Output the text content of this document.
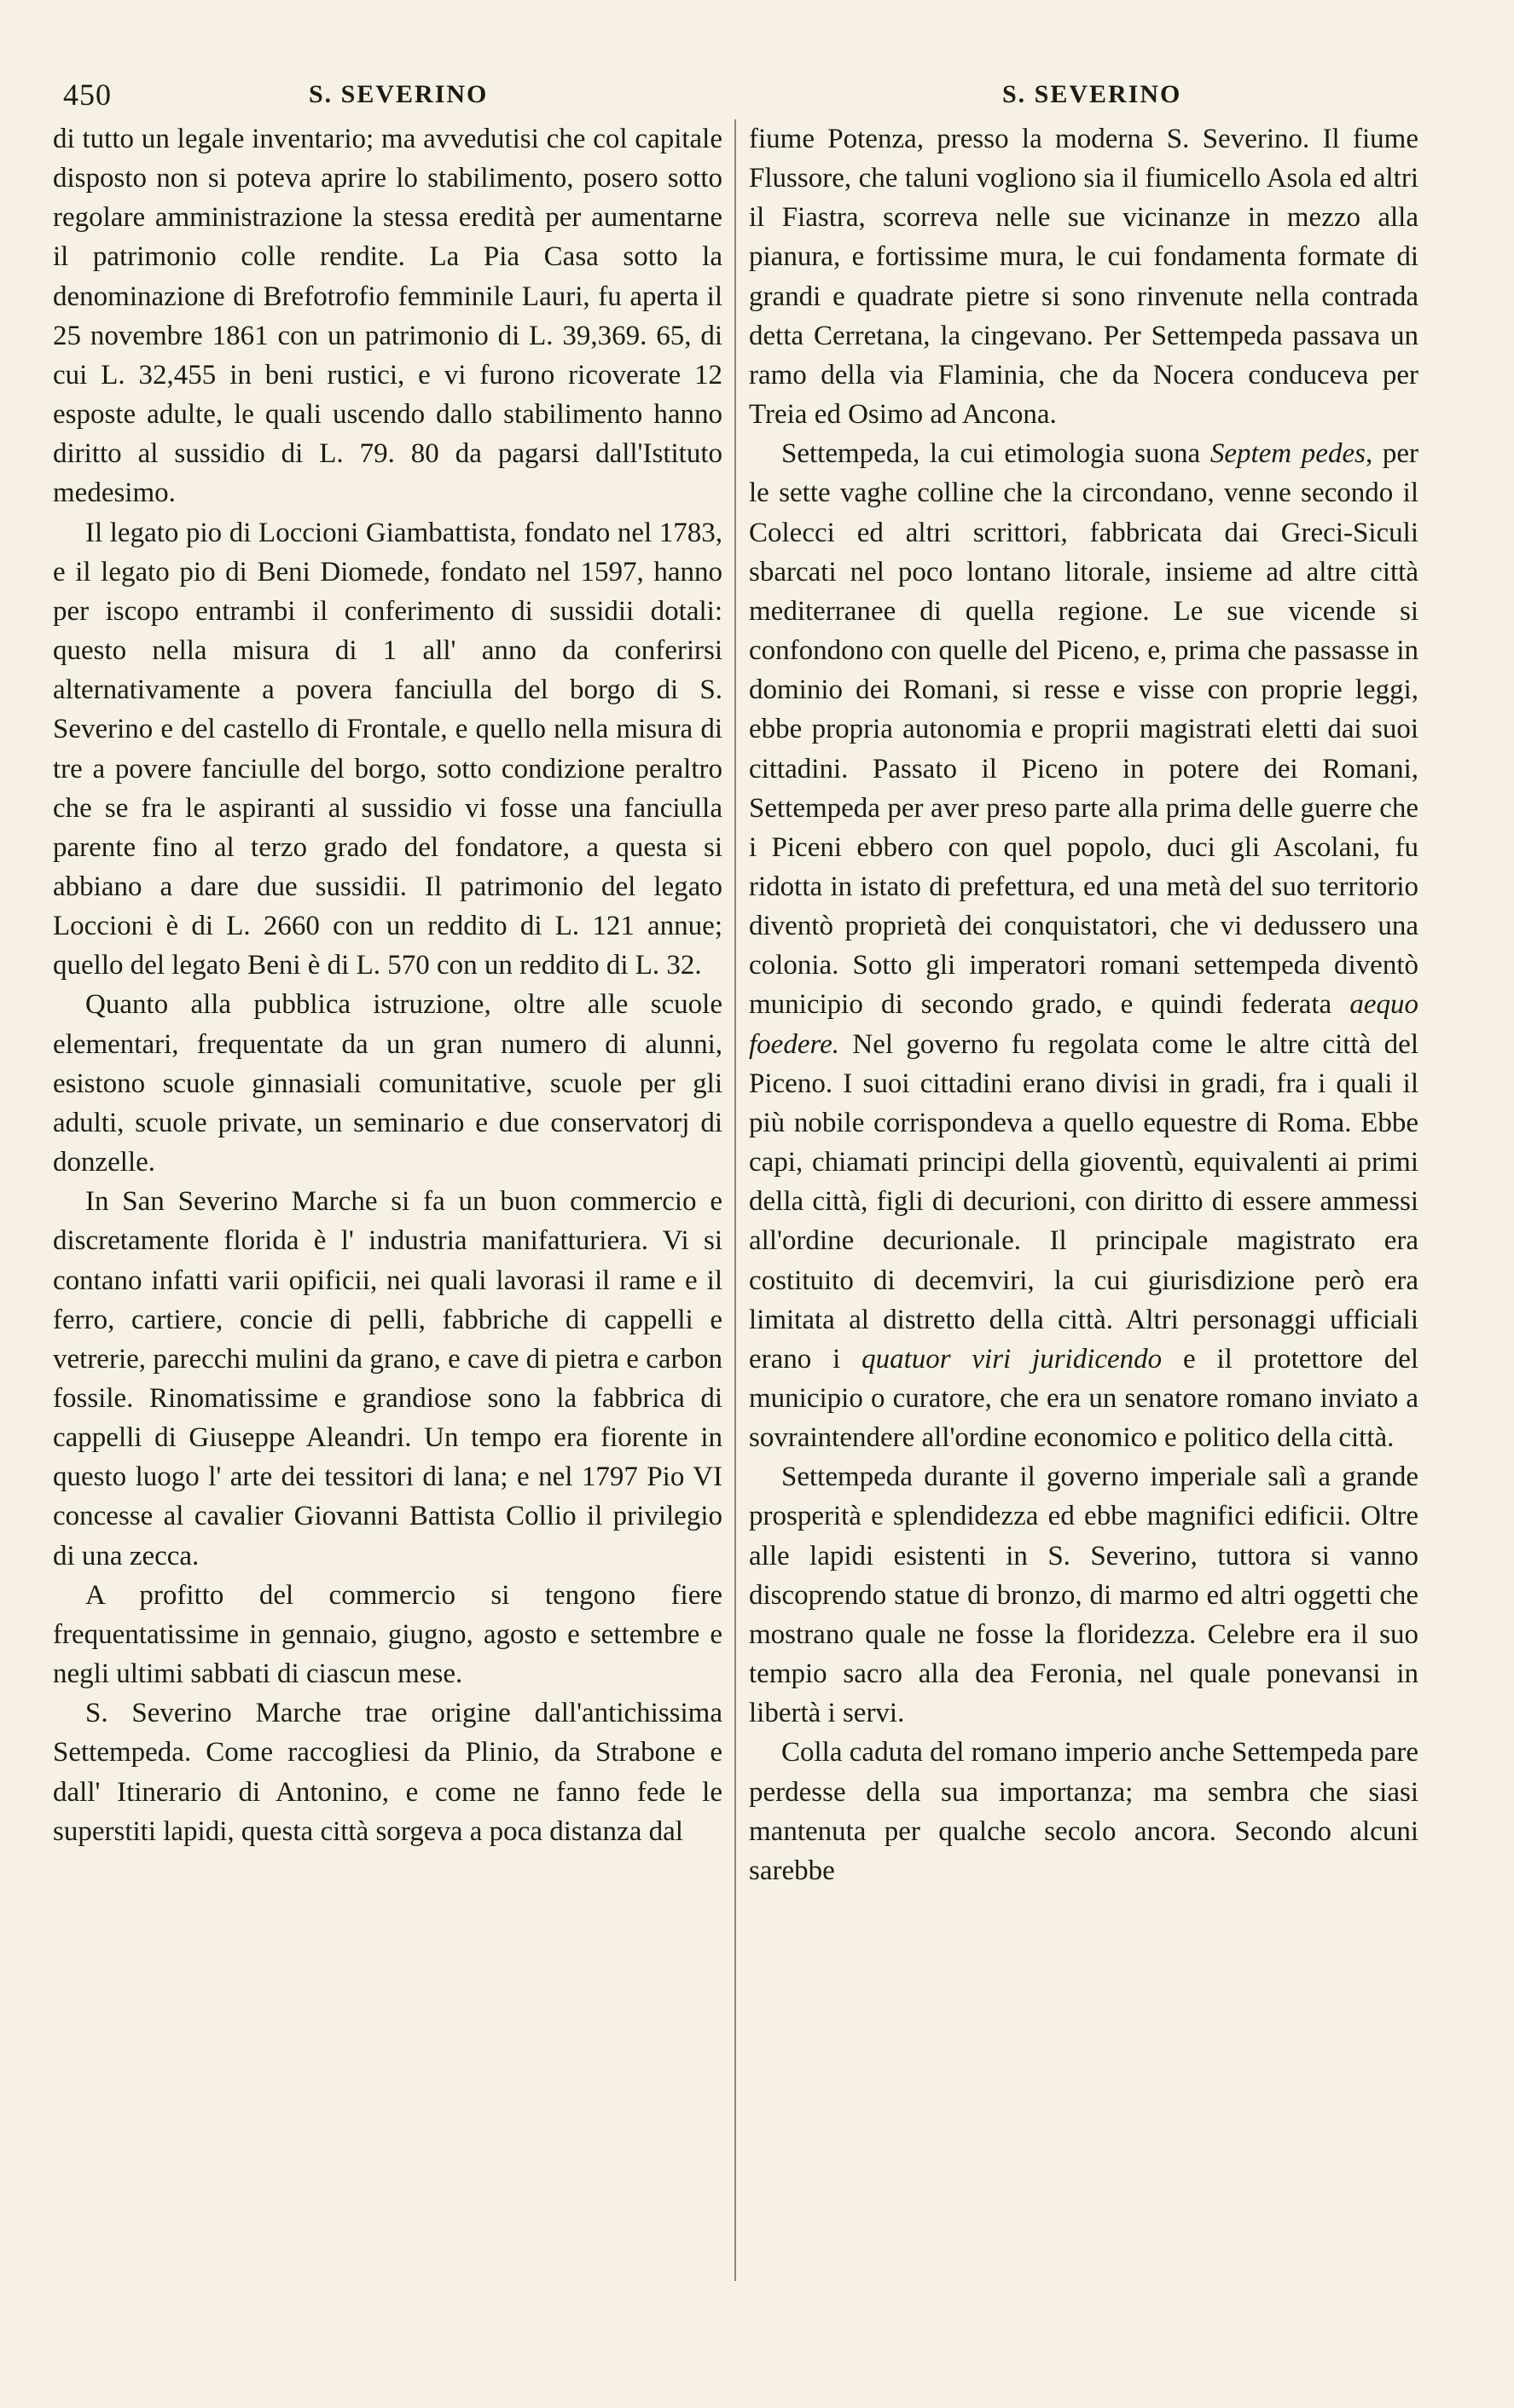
450	S. SEVERINO	S. SEVERINO

di tutto un legale inventario; ma avvedutisi che col capitale disposto non si poteva aprire lo stabilimento, posero sotto regolare amministrazione la stessa eredità per aumentarne il patrimonio colle rendite. La Pia Casa sotto la denominazione di Brefotrofio femminile Lauri, fu aperta il 25 novembre 1861 con un patrimonio di L. 39,369. 65, di cui L. 32,455 in beni rustici, e vi furono ricoverate 12 esposte adulte, le quali uscendo dallo stabilimento hanno diritto al sussidio di L. 79. 80 da pagarsi dall'Istituto medesimo.

Il legato pio di Loccioni Giambattista, fondato nel 1783, e il legato pio di Beni Diomede, fondato nel 1597, hanno per iscopo entrambi il conferimento di sussidii dotali: questo nella misura di 1 all' anno da conferirsi alternativamente a povera fanciulla del borgo di S. Severino e del castello di Frontale, e quello nella misura di tre a povere fanciulle del borgo, sotto condizione peraltro che se fra le aspiranti al sussidio vi fosse una fanciulla parente fino al terzo grado del fondatore, a questa si abbiano a dare due sussidii. Il patrimonio del legato Loccioni è di L. 2660 con un reddito di L. 121 annue; quello del legato Beni è di L. 570 con un reddito di L. 32.

Quanto alla pubblica istruzione, oltre alle scuole elementari, frequentate da un gran numero di alunni, esistono scuole ginnasiali comunitative, scuole per gli adulti, scuole private, un seminario e due conservatorj di donzelle.

In San Severino Marche si fa un buon commercio e discretamente florida è l' industria manifatturiera. Vi si contano infatti varii opificii, nei quali lavorasi il rame e il ferro, cartiere, concie di pelli, fabbriche di cappelli e vetrerie, parecchi mulini da grano, e cave di pietra e carbon fossile. Rinomatissime e grandiose sono la fabbrica di cappelli di Giuseppe Aleandri. Un tempo era fiorente in questo luogo l' arte dei tessitori di lana; e nel 1797 Pio VI concesse al cavalier Giovanni Battista Collio il privilegio di una zecca.

A profitto del commercio si tengono fiere frequentatissime in gennaio, giugno, agosto e settembre e negli ultimi sabbati di ciascun mese.

S. Severino Marche trae origine dall'antichissima Settempeda. Come raccogliesi da Plinio, da Strabone e dall' Itinerario di Antonino, e come ne fanno fede le superstiti lapidi, questa città sorgeva a poca distanza dal

fiume Potenza, presso la moderna S. Severino. Il fiume Flussore, che taluni vogliono sia il fiumicello Asola ed altri il Fiastra, scorreva nelle sue vicinanze in mezzo alla pianura, e fortissime mura, le cui fondamenta formate di grandi e quadrate pietre si sono rinvenute nella contrada detta Cerretana, la cingevano. Per Settempeda passava un ramo della via Flaminia, che da Nocera conduceva per Treia ed Osimo ad Ancona.

Settempeda, la cui etimologia suona Septem pedes, per le sette vaghe colline che la circondano, venne secondo il Colecci ed altri scrittori, fabbricata dai Greci-Siculi sbarcati nel poco lontano litorale, insieme ad altre città mediterranee di quella regione. Le sue vicende si confondono con quelle del Piceno, e, prima che passasse in dominio dei Romani, si resse e visse con proprie leggi, ebbe propria autonomia e proprii magistrati eletti dai suoi cittadini. Passato il Piceno in potere dei Romani, Settempeda per aver preso parte alla prima delle guerre che i Piceni ebbero con quel popolo, duci gli Ascolani, fu ridotta in istato di prefettura, ed una metà del suo territorio diventò proprietà dei conquistatori, che vi dedussero una colonia. Sotto gli imperatori romani settempeda diventò municipio di secondo grado, e quindi federata aequo foedere. Nel governo fu regolata come le altre città del Piceno. I suoi cittadini erano divisi in gradi, fra i quali il più nobile corrispondeva a quello equestre di Roma. Ebbe capi, chiamati principi della gioventù, equivalenti ai primi della città, figli di decurioni, con diritto di essere ammessi all'ordine decurionale. Il principale magistrato era costituito di decemviri, la cui giurisdizione però era limitata al distretto della città. Altri personaggi ufficiali erano i quatuor viri juridicendo e il protettore del municipio o curatore, che era un senatore romano inviato a sovraintendere all'ordine economico e politico della città.

Settempeda durante il governo imperiale salì a grande prosperità e splendidezza ed ebbe magnifici edificii. Oltre alle lapidi esistenti in S. Severino, tuttora si vanno discoprendo statue di bronzo, di marmo ed altri oggetti che mostrano quale ne fosse la floridezza. Celebre era il suo tempio sacro alla dea Feronia, nel quale ponevansi in libertà i servi.

Colla caduta del romano imperio anche Settempeda pare perdesse della sua importanza; ma sembra che siasi mantenuta per qualche secolo ancora. Secondo alcuni sarebbe
